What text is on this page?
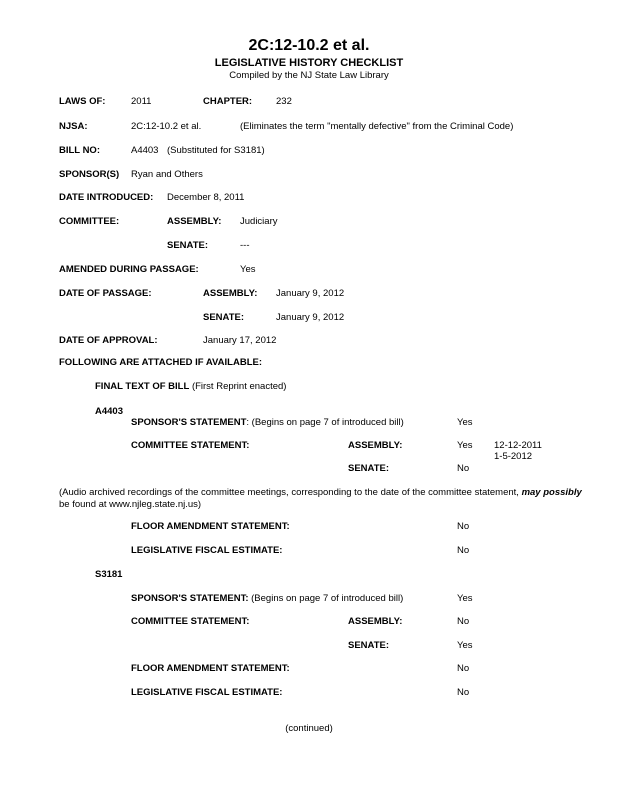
2C:12-10.2 et al.
LEGISLATIVE HISTORY CHECKLIST
Compiled by the NJ State Law Library
LAWS OF:	2011	CHAPTER:	232
NJSA:	2C:12-10.2 et al.	(Eliminates the term "mentally defective" from the Criminal Code)
BILL NO:	A4403 (Substituted for S3181)
SPONSOR(S) Ryan and Others
DATE INTRODUCED: December 8, 2011
COMMITTEE:	ASSEMBLY: Judiciary
SENATE:	---
AMENDED DURING PASSAGE:	Yes
DATE OF PASSAGE:	ASSEMBLY: January 9, 2012
SENATE:	January 9, 2012
DATE OF APPROVAL:	January 17, 2012
FOLLOWING ARE ATTACHED IF AVAILABLE:
FINAL TEXT OF BILL (First Reprint enacted)
A4403
SPONSOR'S STATEMENT: (Begins on page 7 of introduced bill)	Yes
COMMITTEE STATEMENT:	ASSEMBLY:	Yes 12-12-2011
1-5-2012
SENATE:	No
(Audio archived recordings of the committee meetings, corresponding to the date of the committee statement, may possibly
be found at www.njleg.state.nj.us)
FLOOR AMENDMENT STATEMENT:	No
LEGISLATIVE FISCAL ESTIMATE:	No
S3181
SPONSOR'S STATEMENT: (Begins on page 7 of introduced bill)	Yes
COMMITTEE STATEMENT:	ASSEMBLY:	No
SENATE:	Yes
FLOOR AMENDMENT STATEMENT:	No
LEGISLATIVE FISCAL ESTIMATE:	No
(continued)
